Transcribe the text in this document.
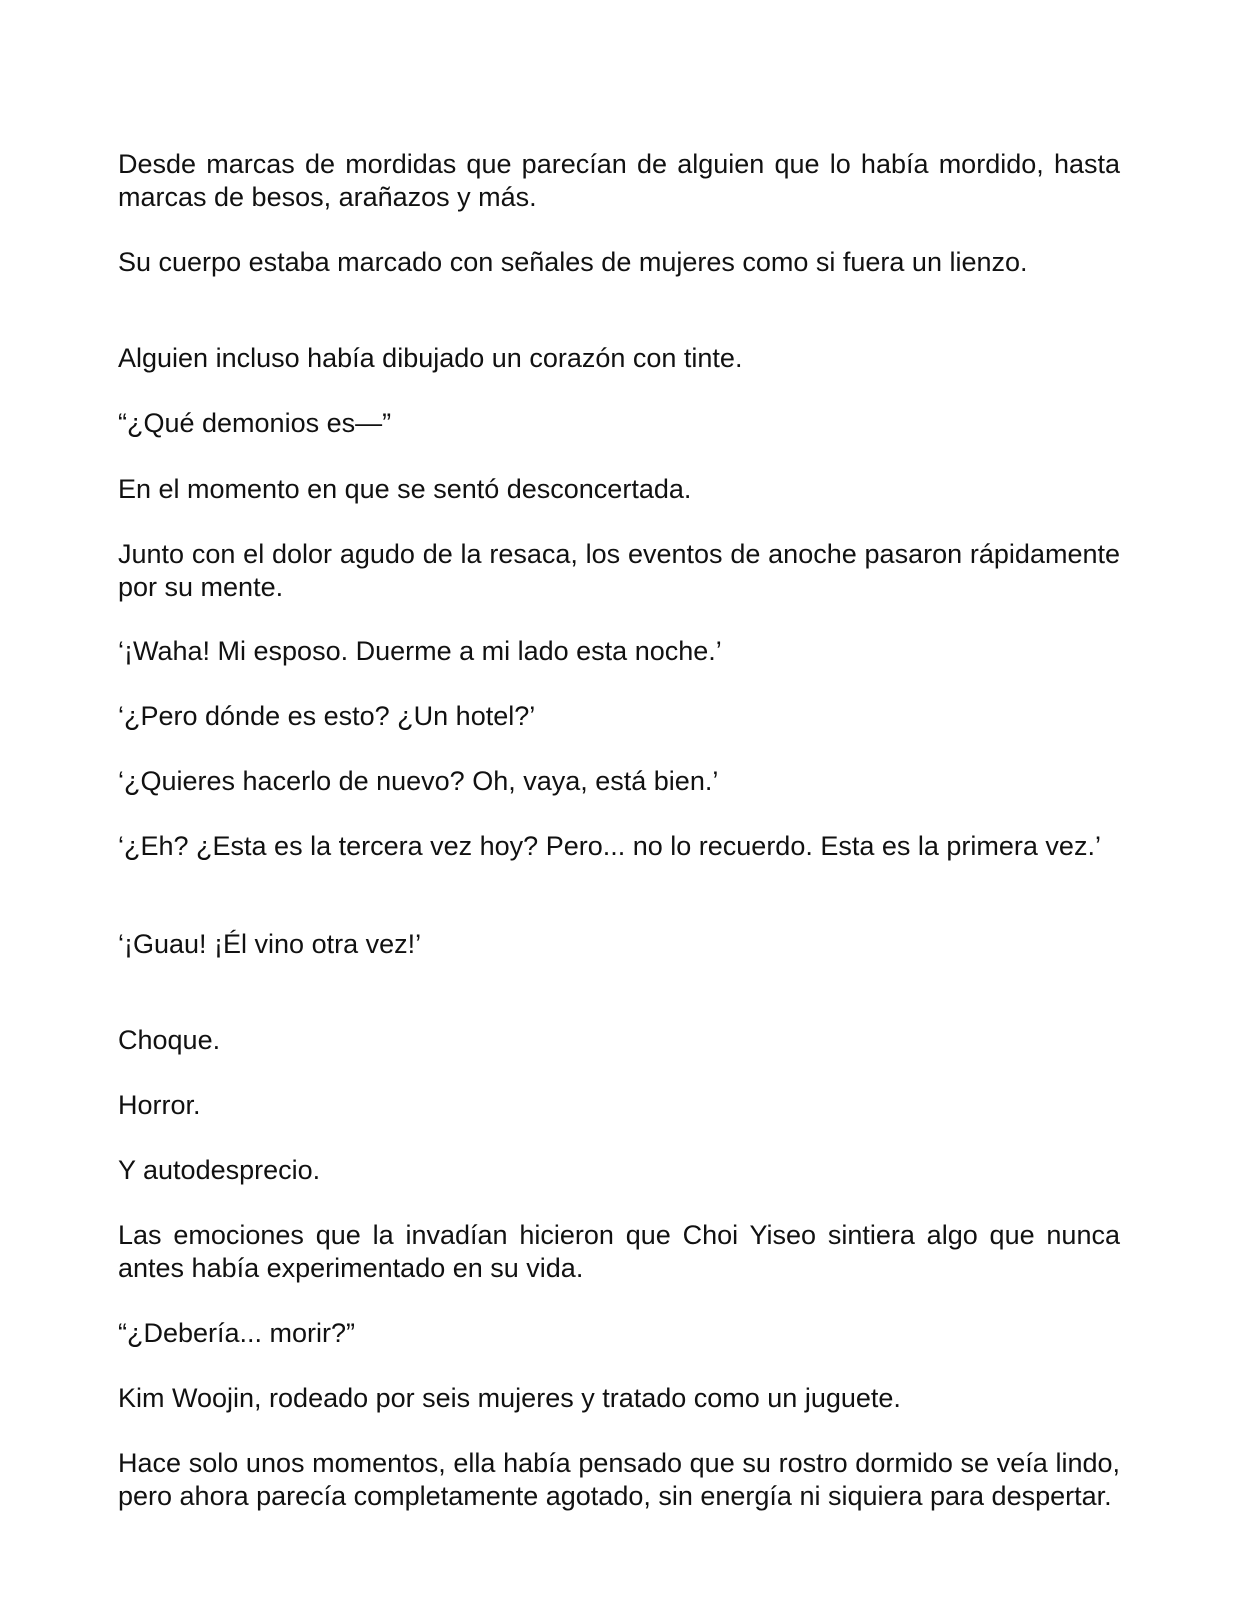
Desde marcas de mordidas que parecían de alguien que lo había mordido, hasta marcas de besos, arañazos y más.

Su cuerpo estaba marcado con señales de mujeres como si fuera un lienzo.

Alguien incluso había dibujado un corazón con tinte.

“¿Qué demonios es—”

En el momento en que se sentó desconcertada.

Junto con el dolor agudo de la resaca, los eventos de anoche pasaron rápidamente por su mente.

‘¡Waha! Mi esposo. Duerme a mi lado esta noche.’

‘¿Pero dónde es esto? ¿Un hotel?’

‘¿Quieres hacerlo de nuevo? Oh, vaya, está bien.’

‘¿Eh? ¿Esta es la tercera vez hoy? Pero... no lo recuerdo. Esta es la primera vez.’

‘¡Guau! ¡Él vino otra vez!’

Choque.

Horror.

Y autodesprecio.

Las emociones que la invadían hicieron que Choi Yiseo sintiera algo que nunca antes había experimentado en su vida.

“¿Debería... morir?”

Kim Woojin, rodeado por seis mujeres y tratado como un juguete.

Hace solo unos momentos, ella había pensado que su rostro dormido se veía lindo, pero ahora parecía completamente agotado, sin energía ni siquiera para despertar.
